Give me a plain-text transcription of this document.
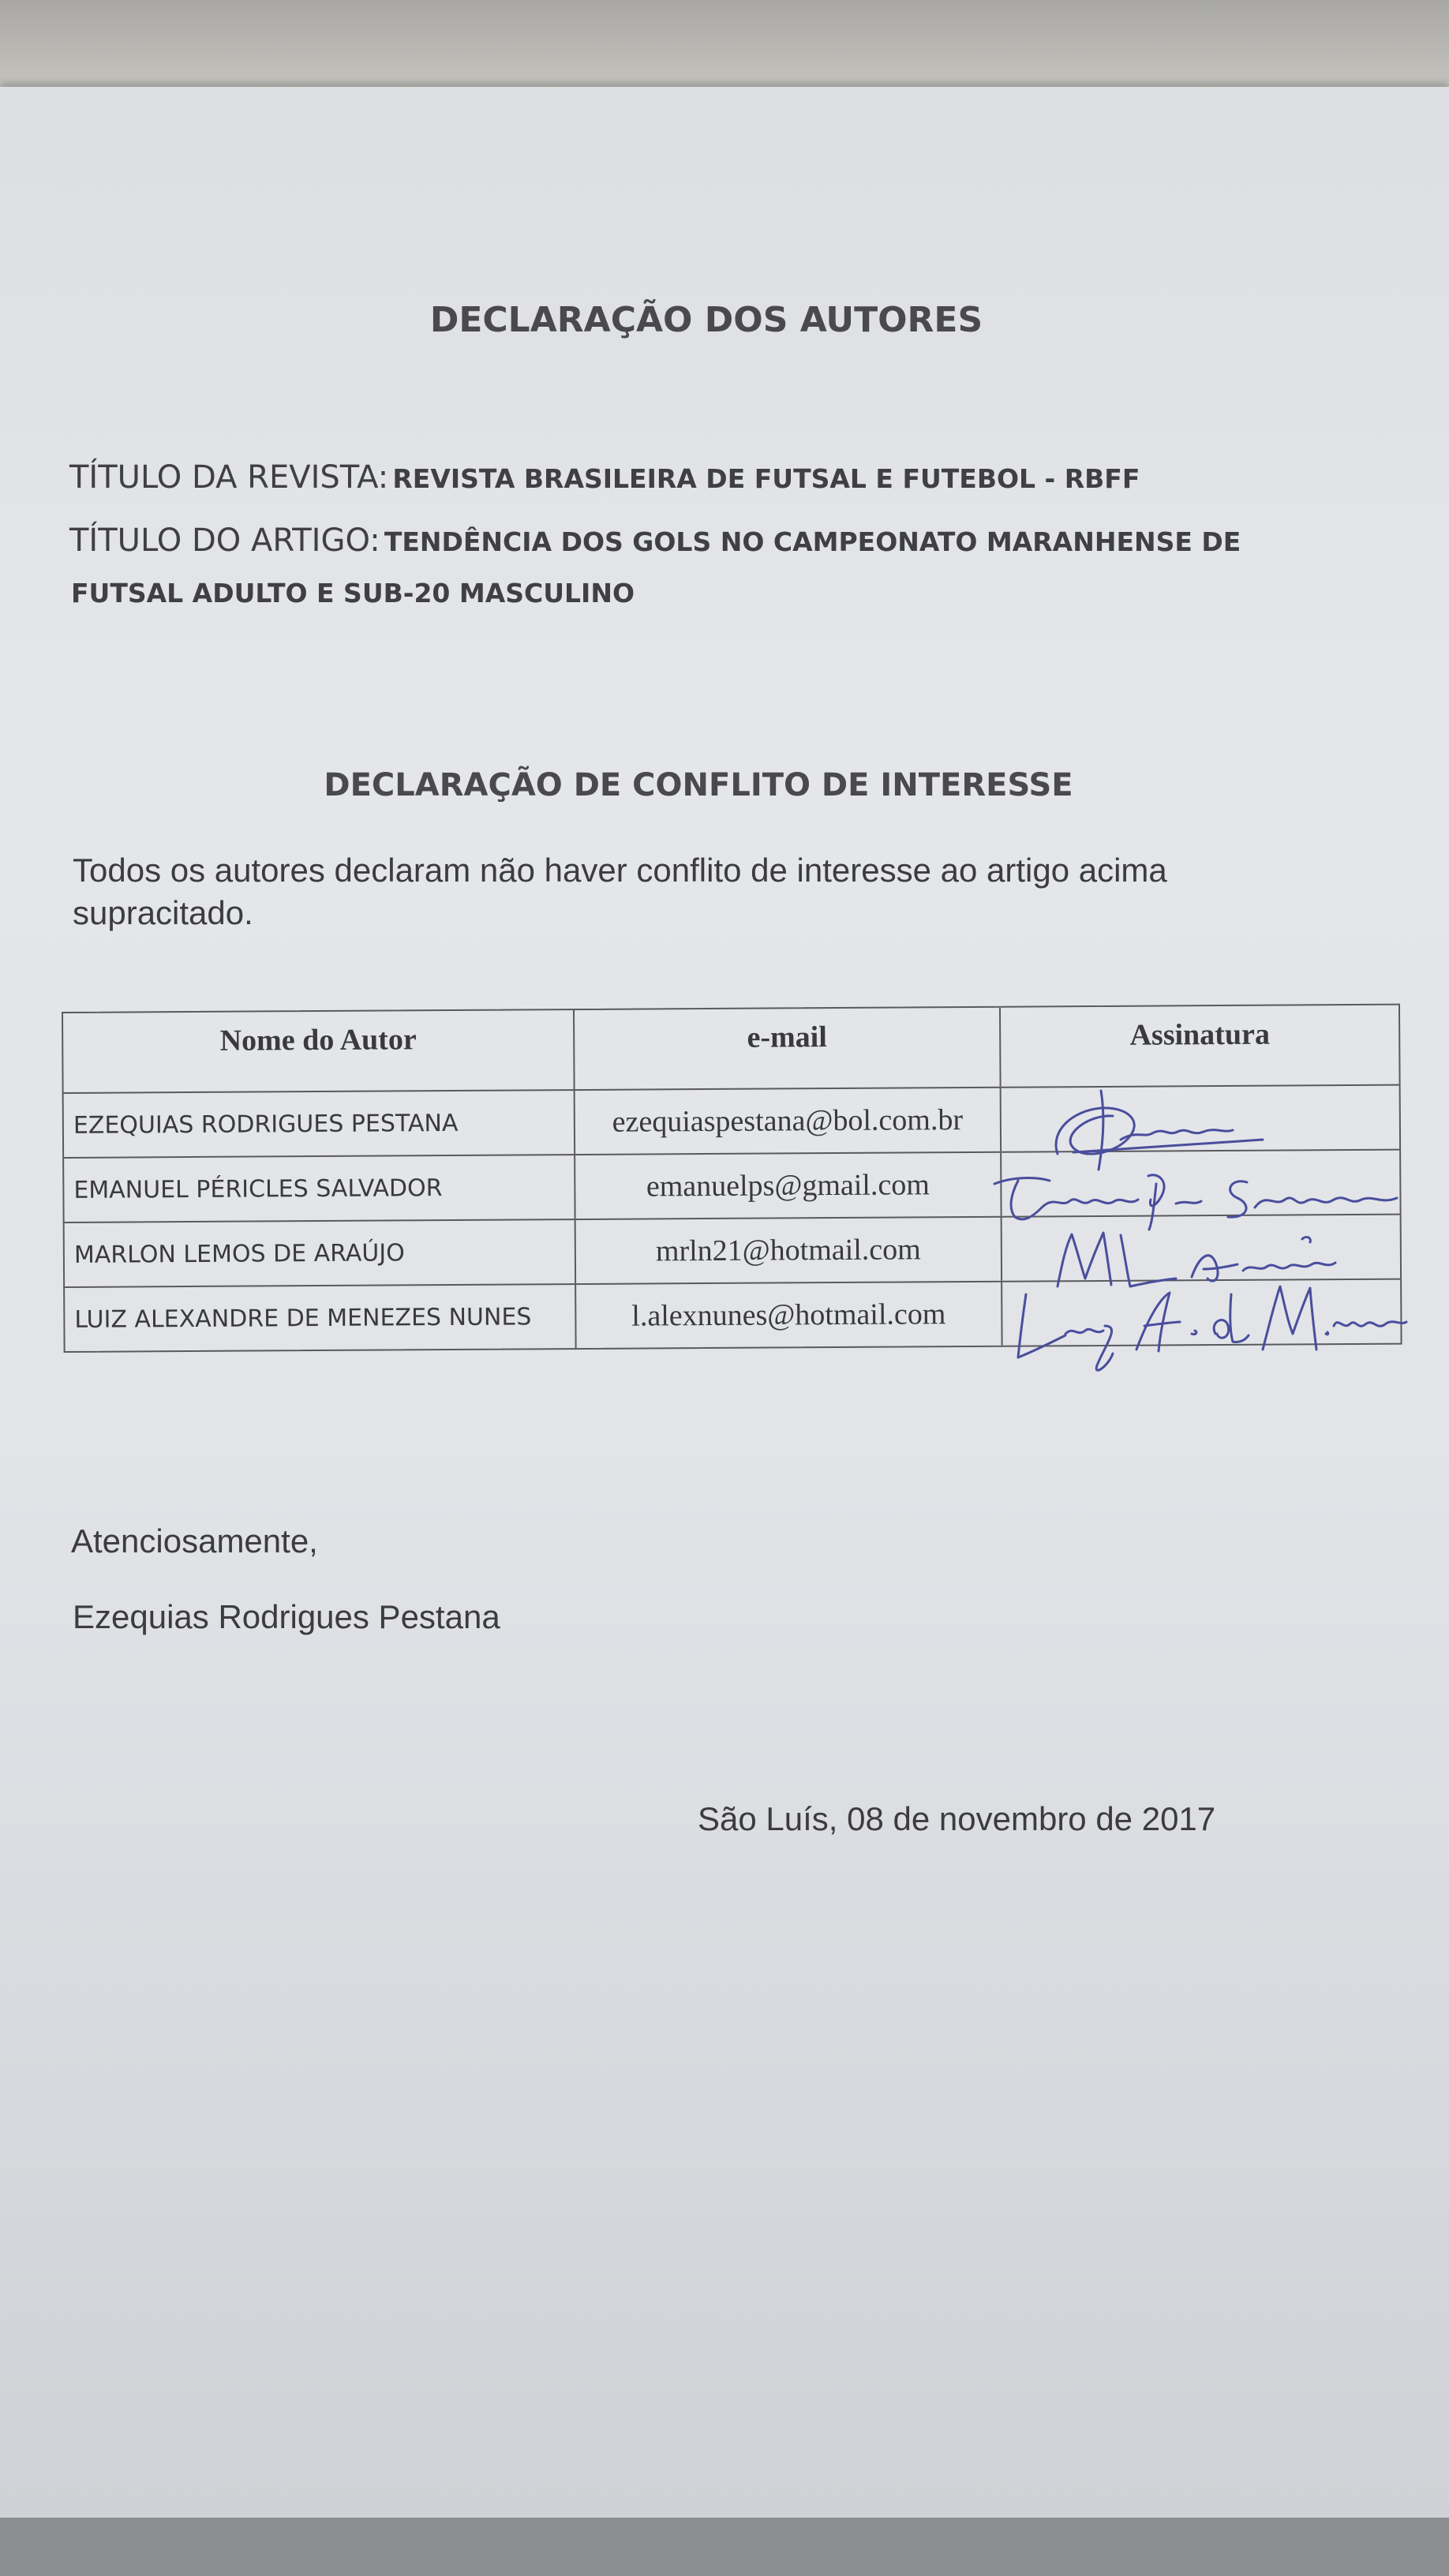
DECLARAÇÃO DOS AUTORES
TÍTULO DA REVISTA: REVISTA BRASILEIRA DE FUTSAL E FUTEBOL - RBFF
TÍTULO DO ARTIGO: TENDÊNCIA DOS GOLS NO CAMPEONATO MARANHENSE DE
FUTSAL ADULTO E SUB-20 MASCULINO
DECLARAÇÃO DE CONFLITO DE INTERESSE
Todos os autores declaram não haver conflito de interesse ao artigo acima supracitado.
Nome do Autor	e-mail	Assinatura
EZEQUIAS RODRIGUES PESTANA	ezequiaspestana@bol.com.br
EMANUEL PÉRICLES SALVADOR	emanuelps@gmail.com
MARLON LEMOS DE ARAÚJO	mrln21@hotmail.com
LUIZ ALEXANDRE DE MENEZES NUNES	l.alexnunes@hotmail.com
Atenciosamente,
Ezequias Rodrigues Pestana
São Luís, 08 de novembro de 2017
